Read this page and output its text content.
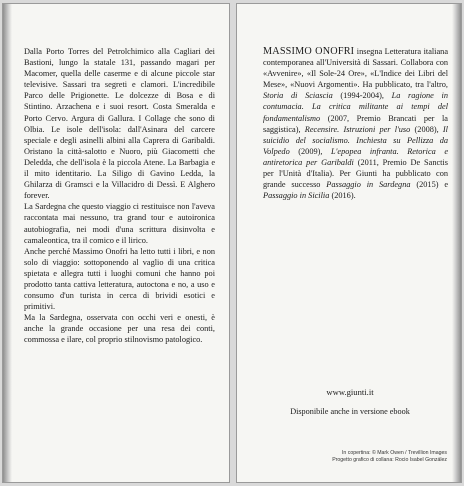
Dalla Porto Torres del Petrolchimico alla Cagliari dei Bastioni, lungo la statale 131, passando magari per Macomer, quella delle caserme e di alcune piccole star televisive. Sassari tra segreti e clamori. L'incredibile Parco delle Prigionette. Le dolcezze di Bosa e di Stintino. Arzachena e i suoi resort. Costa Smeralda e Porto Cervo. Argura di Gallura. I Collage che sono di Olbia. Le isole dell'isola: dall'Asinara del carcere speciale e degli asinelli albini alla Caprera di Garibaldi. Oristano la città-salotto e Nuoro, più Giacometti che Deledda, che dell'isola è la piccola Atene. La Barbagia e il mito identitario. La Siligo di Gavino Ledda, la Ghilarza di Gramsci e la Villacidro di Dessì. E Alghero forever.

La Sardegna che questo viaggio ci restituisce non l'aveva raccontata mai nessuno, tra grand tour e autoironica autobiografia, nei modi d'una scrittura disinvolta e camaleontica, tra il comico e il lirico.

Anche perché Massimo Onofri ha letto tutti i libri, e non solo di viaggio: sottoponendo al vaglio di una critica spietata e allegra tutti i luoghi comuni che hanno poi prodotto tanta cattiva letteratura, autoctona e no, a uso e consumo d'un turista in cerca di brividi esotici e primitivi.

Ma la Sardegna, osservata con occhi veri e onesti, è anche la grande occasione per una resa dei conti, commossa e ilare, col proprio stilnovismo patologico.

MASSIMO ONOFRI insegna Letteratura italiana contemporanea all'Università di Sassari. Collabora con «Avvenire», «Il Sole-24 Ore», «L'Indice dei Libri del Mese», «Nuovi Argomenti». Ha pubblicato, tra l'altro, Storia di Sciascia (1994-2004), La ragione in contumacia. La critica militante ai tempi del fondamentalismo (2007, Premio Brancati per la saggistica), Recensire. Istruzioni per l'uso (2008), Il suicidio del socialismo. Inchiesta su Pellizza da Volpedo (2009), L'epopea infranta. Retorica e antiretorica per Garibaldi (2011, Premio De Sanctis per l'Unità d'Italia). Per Giunti ha pubblicato con grande successo Passaggio in Sardegna (2015) e Passaggio in Sicilia (2016).

www.giunti.it
Disponibile anche in versione ebook
In copertina: © Mark Owen / Trevillion Images
Progetto grafico di collana: Rocio Isabel González
